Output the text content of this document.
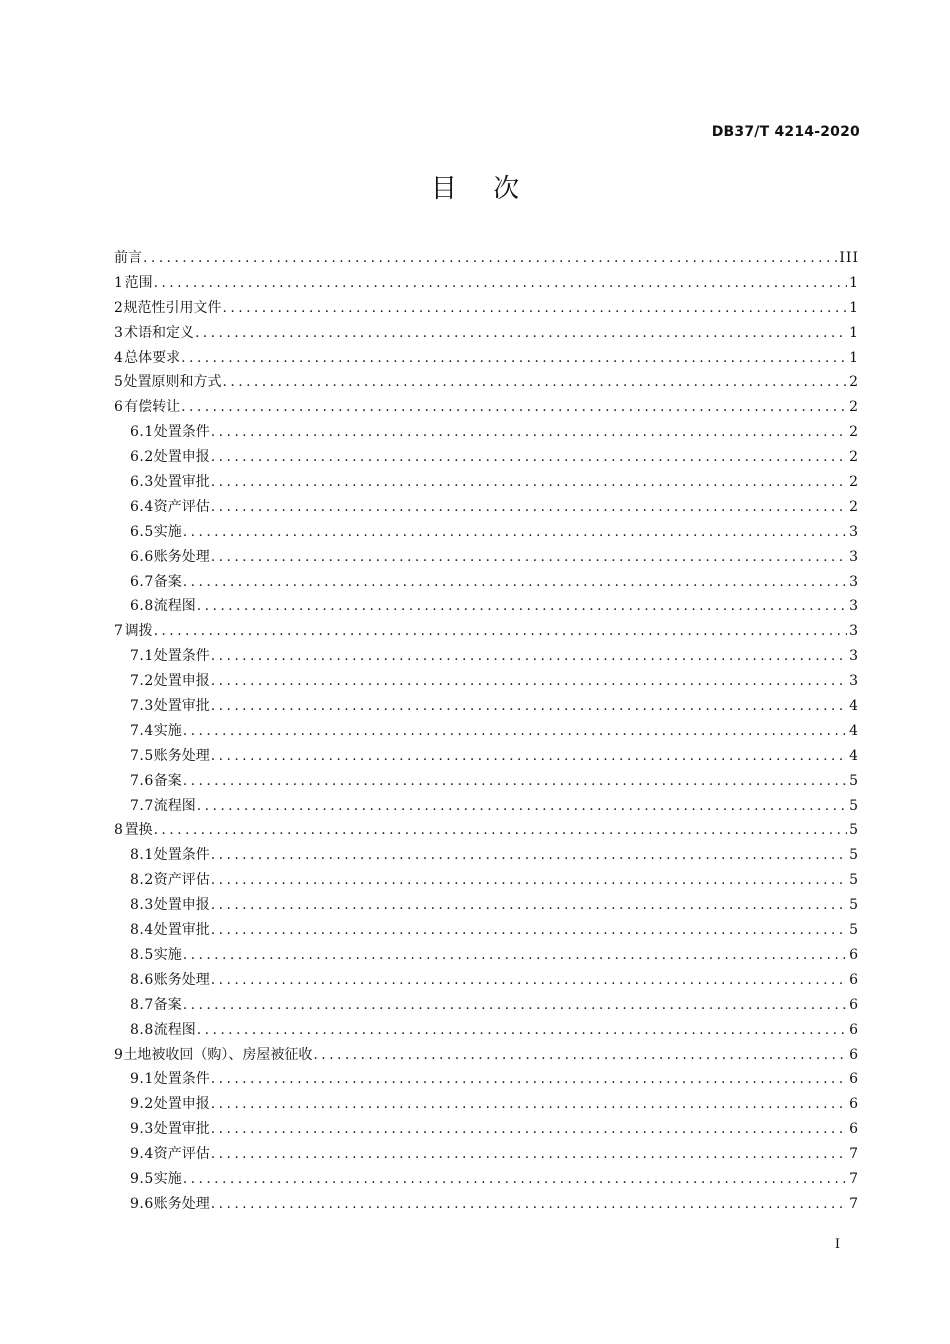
DB37/T 4214-2020
目 次
前言 .....	III
1 范围 .....	1
2 规范性引用文件 .....	1
3 术语和定义 .....	1
4 总体要求 .....	1
5 处置原则和方式 .....	2
6 有偿转让 .....	2
6.1 处置条件 .....	2
6.2 处置申报 .....	2
6.3 处置审批 .....	2
6.4 资产评估 .....	2
6.5 实施 .....	3
6.6 账务处理 .....	3
6.7 备案 .....	3
6.8 流程图 .....	3
7 调拨 .....	3
7.1 处置条件 .....	3
7.2 处置申报 .....	3
7.3 处置审批 .....	4
7.4 实施 .....	4
7.5 账务处理 .....	4
7.6 备案 .....	5
7.7 流程图 .....	5
8 置换 .....	5
8.1 处置条件 .....	5
8.2 资产评估 .....	5
8.3 处置申报 .....	5
8.4 处置审批 .....	5
8.5 实施 .....	6
8.6 账务处理 .....	6
8.7 备案 .....	6
8.8 流程图 .....	6
9 土地被收回（购）、房屋被征收 .....	6
9.1 处置条件 .....	6
9.2 处置申报 .....	6
9.3 处置审批 .....	6
9.4 资产评估 .....	7
9.5 实施 .....	7
9.6 账务处理 .....	7
I
